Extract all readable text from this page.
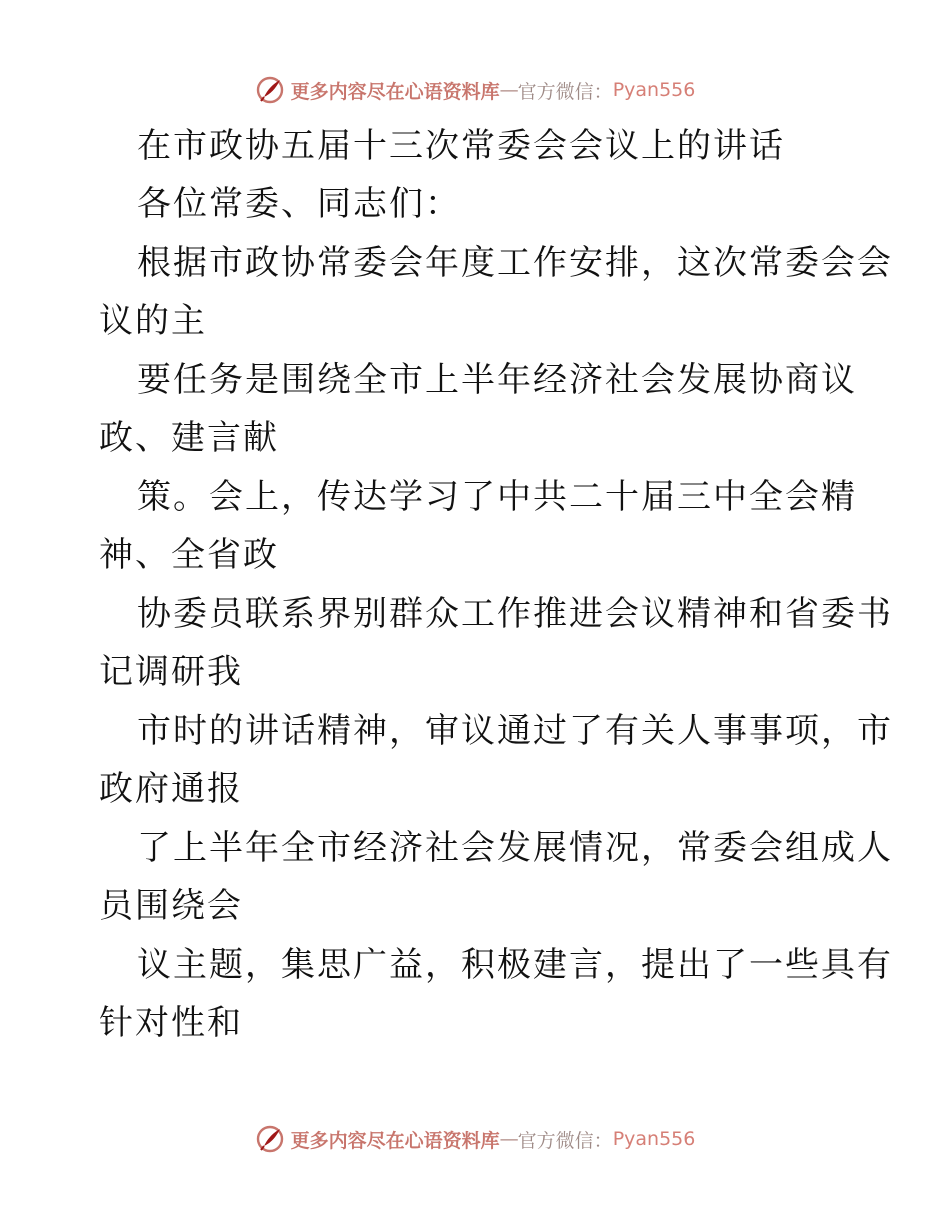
更多内容尽在心语资料库 — 官方微信： Pyan556
在市政协五届十三次常委会会议上的讲话
各位常委、同志们：
根据市政协常委会年度工作安排，这次常委会会
议的主
要任务是围绕全市上半年经济社会发展协商议
政、建言献
策。会上，传达学习了中共二十届三中全会精
神、全省政
协委员联系界别群众工作推进会议精神和省委书
记调研我
市时的讲话精神，审议通过了有关人事事项，市
政府通报
了上半年全市经济社会发展情况，常委会组成人
员围绕会
议主题，集思广益，积极建言，提出了一些具有
针对性和
更多内容尽在心语资料库 — 官方微信： Pyan556
